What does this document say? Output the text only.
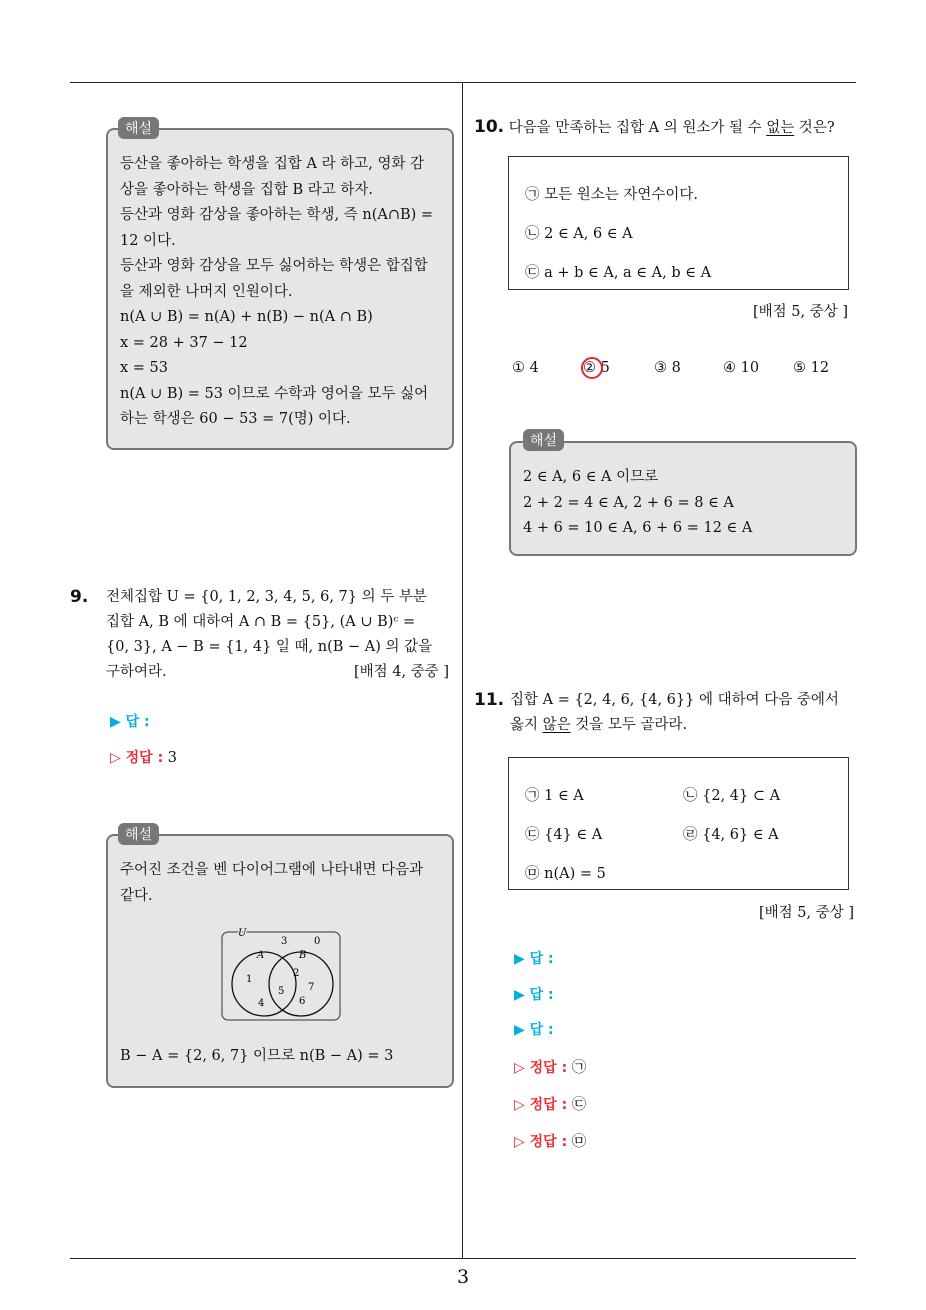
3
등산을 좋아하는 학생을 집합 A 라 하고, 영화 감
상을 좋아하는 학생을 집합 B 라고 하자.
등산과 영화 감상을 좋아하는 학생, 즉 n(A∩B) =
12 이다.
등산과 영화 감상을 모두 싫어하는 학생은 합집합
을 제외한 나머지 인원이다.
n(A ∪ B) = n(A) + n(B) − n(A ∩ B)
x = 28 + 37 − 12
x = 53
n(A ∪ B) = 53 이므로 수학과 영어을 모두 싫어
하는 학생은 60 − 53 = 7(명) 이다.
해설
9. 전체집합 U = {0, 1, 2, 3, 4, 5, 6, 7} 의 두 부분
집합 A, B 에 대하여 A ∩ B = {5}, (A ∪ B)ᶜ =
{0, 3}, A − B = {1, 4} 일 때, n(B − A) 의 값을
구하여라.	[배점 4, 중중 ]
▶ 답 :
▷ 정답 : 3
주어진 조건을 벤 다이어그램에 나타내면 다음과
같다.
U
A	B
3	0
1
4
5
2
7
6
B − A = {2, 6, 7} 이므로 n(B − A) = 3
해설
10. 다음을 만족하는 집합 A 의 원소가 될 수 없는 것은?
㉠ 모든 원소는 자연수이다.
㉡ 2 ∈ A, 6 ∈ A
㉢ a + b ∈ A, a ∈ A, b ∈ A
[배점 5, 중상 ]
① 4	② 5	③ 8	④ 10 ⑤ 12
2 ∈ A, 6 ∈ A 이므로
2 + 2 = 4 ∈ A, 2 + 6 = 8 ∈ A
4 + 6 = 10 ∈ A, 6 + 6 = 12 ∈ A
해설
11. 집합 A = {2, 4, 6, {4, 6}} 에 대하여 다음 중에서
옳지 않은 것을 모두 골라라.
㉠ 1 ∈ A	㉡ {2, 4} ⊂ A
㉢ {4} ∈ A	㉣ {4, 6} ∈ A
㉤ n(A) = 5
[배점 5, 중상 ]
▶ 답 :
▶ 답 :
▶ 답 :
▷ 정답 : ㉠
▷ 정답 : ㉢
▷ 정답 : ㉤
